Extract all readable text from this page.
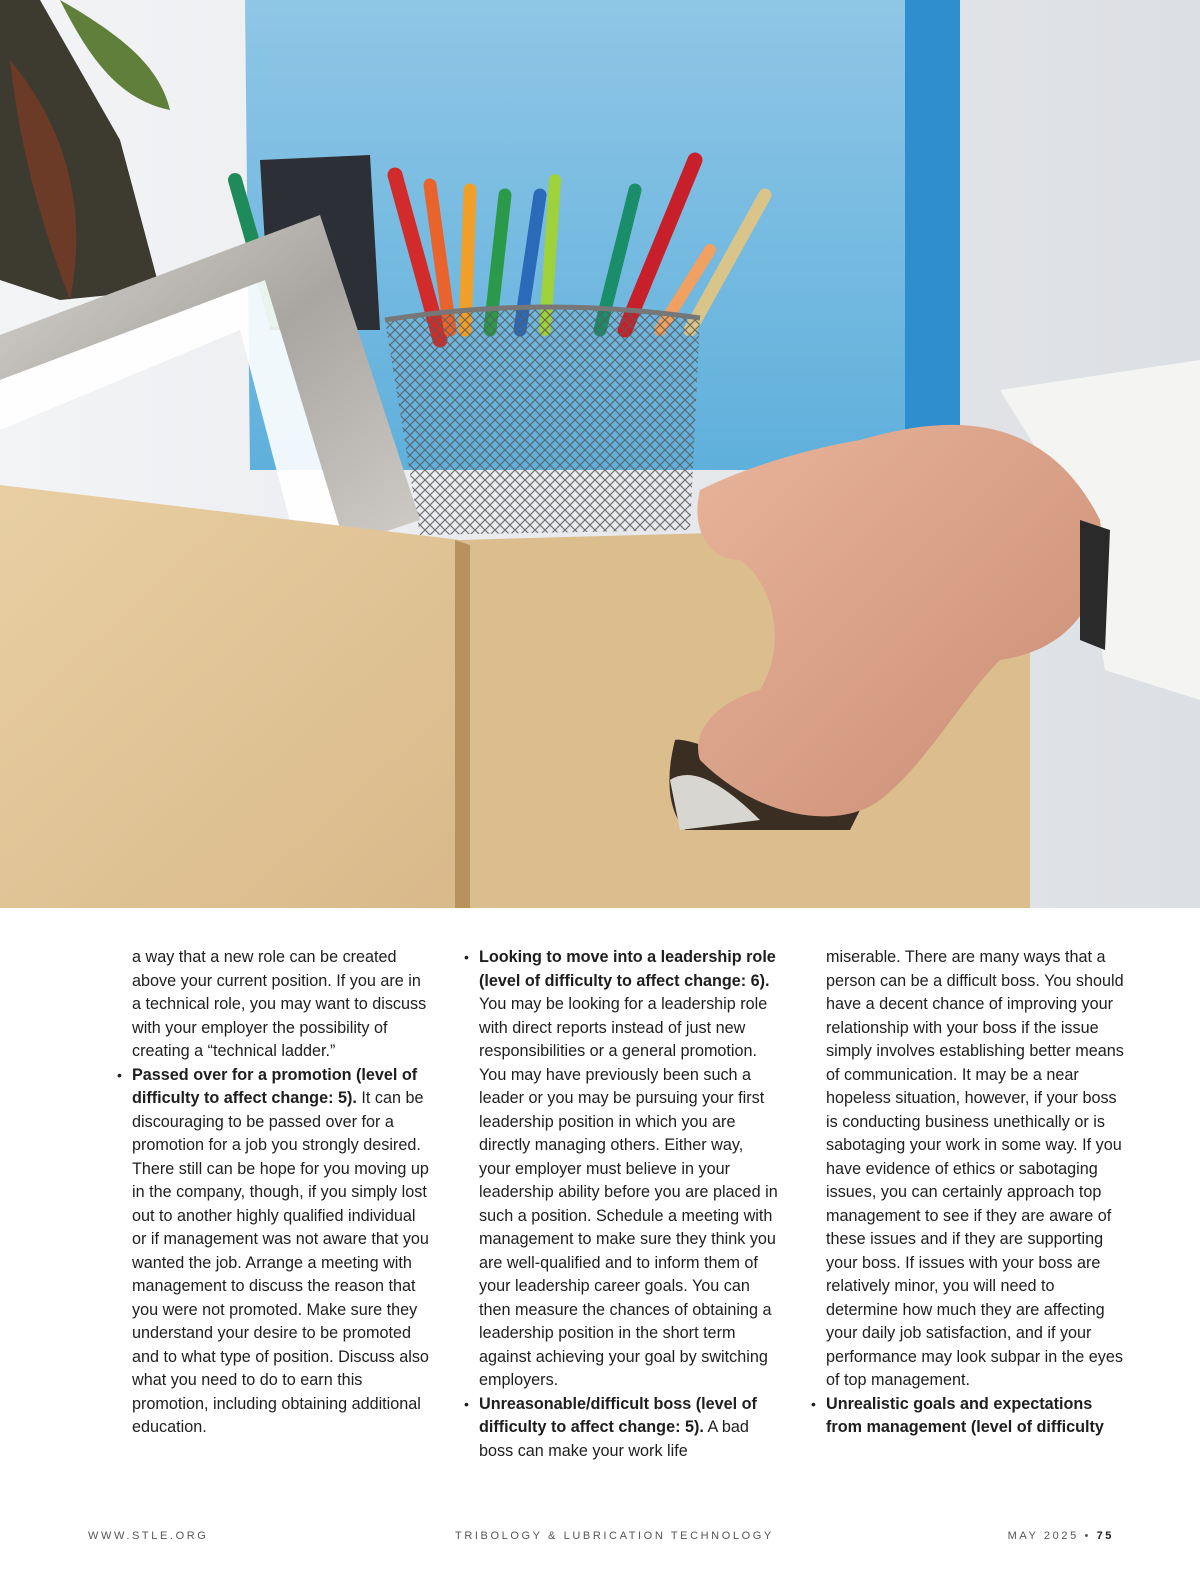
a way that a new role can be created above your current position. If you are in a technical role, you may want to discuss with your employer the possibility of creating a “technical ladder.”

• Passed over for a promotion (level of difficulty to affect change: 5). It can be discouraging to be passed over for a promotion for a job you strongly desired. There still can be hope for you moving up in the company, though, if you simply lost out to another highly qualified individual or if management was not aware that you wanted the job. Arrange a meeting with management to discuss the reason that you were not promoted. Make sure they understand your desire to be promoted and to what type of position. Discuss also what you need to do to earn this promotion, including obtaining additional education.

• Looking to move into a leadership role (level of difficulty to affect change: 6). You may be looking for a leadership role with direct reports instead of just new responsibilities or a general promotion. You may have previously been such a leader or you may be pursuing your first leadership position in which you are directly managing others. Either way, your employer must believe in your leadership ability before you are placed in such a position. Schedule a meeting with management to make sure they think you are well-qualified and to inform them of your leadership career goals. You can then measure the chances of obtaining a leadership position in the short term against achieving your goal by switching employers.

• Unreasonable/difficult boss (level of difficulty to affect change: 5). A bad boss can make your work life

miserable. There are many ways that a person can be a difficult boss. You should have a decent chance of improving your relationship with your boss if the issue simply involves establishing better means of communication. It may be a near hopeless situation, however, if your boss is conducting business unethically or is sabotaging your work in some way. If you have evidence of ethics or sabotaging issues, you can certainly approach top management to see if they are aware of these issues and if they are supporting your boss. If issues with your boss are relatively minor, you will need to determine how much they are affecting your daily job satisfaction, and if your performance may look subpar in the eyes of top management.

• Unrealistic goals and expectations from management (level of difficulty

WWW.STLE.ORG	TRIBOLOGY & LUBRICATION TECHNOLOGY	MAY 2025 • 75
